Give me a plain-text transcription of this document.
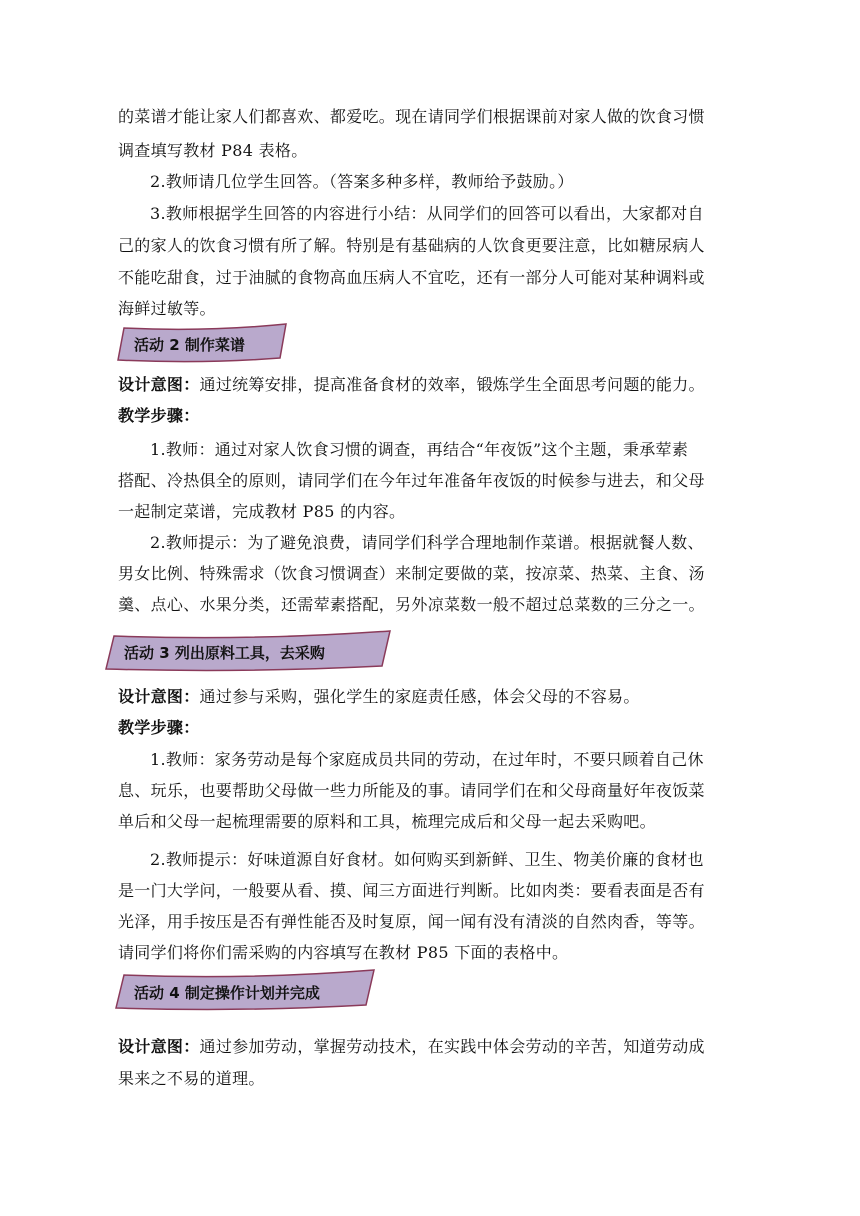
的菜谱才能让家人们都喜欢、都爱吃。现在请同学们根据课前对家人做的饮食习惯
调查填写教材 P84 表格。
2.教师请几位学生回答。（答案多种多样，教师给予鼓励。）
3.教师根据学生回答的内容进行小结：从同学们的回答可以看出，大家都对自
己的家人的饮食习惯有所了解。特别是有基础病的人饮食更要注意，比如糖尿病人
不能吃甜食，过于油腻的食物高血压病人不宜吃，还有一部分人可能对某种调料或
海鲜过敏等。
活动 2 制作菜谱
设计意图：通过统筹安排，提高准备食材的效率，锻炼学生全面思考问题的能力。
教学步骤：
1.教师：通过对家人饮食习惯的调查，再结合“年夜饭”这个主题，秉承荤素
搭配、冷热俱全的原则，请同学们在今年过年准备年夜饭的时候参与进去，和父母
一起制定菜谱，完成教材 P85 的内容。
2.教师提示：为了避免浪费，请同学们科学合理地制作菜谱。根据就餐人数、
男女比例、特殊需求（饮食习惯调查）来制定要做的菜，按凉菜、热菜、主食、汤
羹、点心、水果分类，还需荤素搭配，另外凉菜数一般不超过总菜数的三分之一。
活动 3 列出原料工具，去采购
设计意图：通过参与采购，强化学生的家庭责任感，体会父母的不容易。
教学步骤：
1.教师：家务劳动是每个家庭成员共同的劳动，在过年时，不要只顾着自己休
息、玩乐，也要帮助父母做一些力所能及的事。请同学们在和父母商量好年夜饭菜
单后和父母一起梳理需要的原料和工具，梳理完成后和父母一起去采购吧。
2.教师提示：好味道源自好食材。如何购买到新鲜、卫生、物美价廉的食材也
是一门大学问，一般要从看、摸、闻三方面进行判断。比如肉类：要看表面是否有
光泽，用手按压是否有弹性能否及时复原，闻一闻有没有清淡的自然肉香，等等。
请同学们将你们需采购的内容填写在教材 P85 下面的表格中。
活动 4 制定操作计划并完成
设计意图：通过参加劳动，掌握劳动技术，在实践中体会劳动的辛苦，知道劳动成
果来之不易的道理。
